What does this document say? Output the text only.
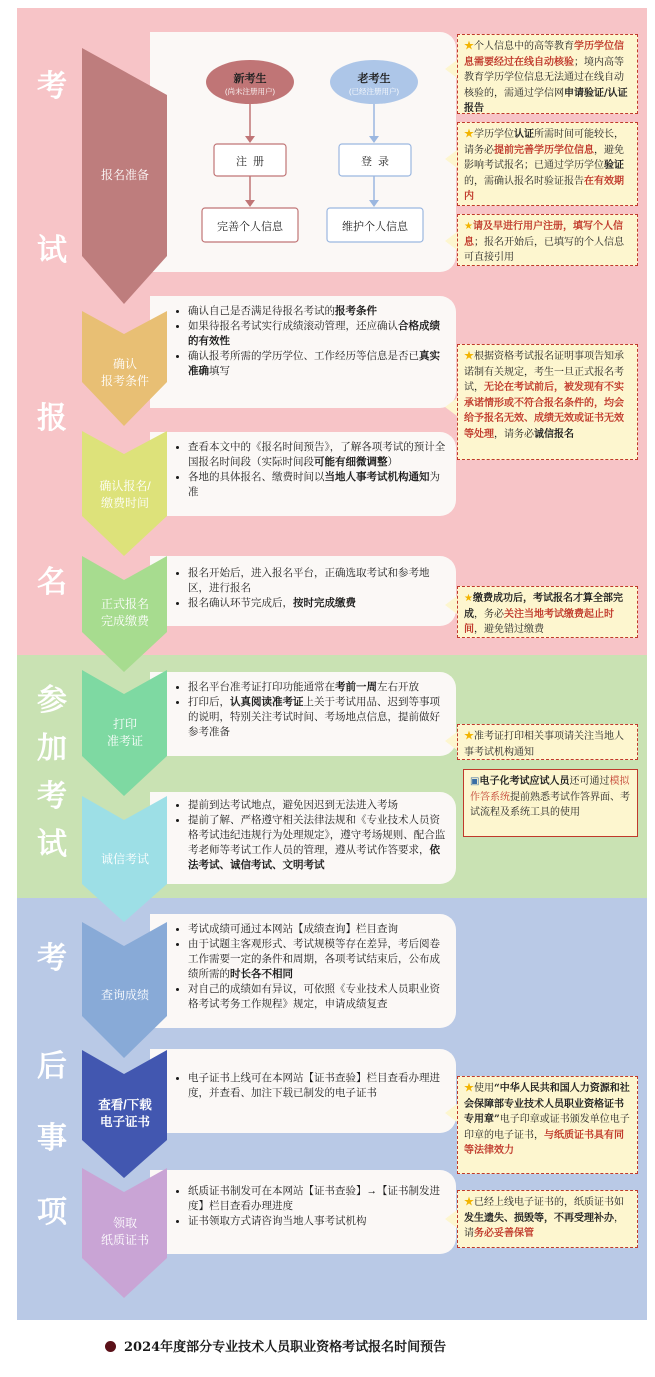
考
试
报
名
参
加
考
试
考
后
事
项
• 确认自己是否满足待报名考试的报考条件
• 如果待报名考试实行成绩滚动管理，还应确认合格成绩的有效性
• 确认报考所需的学历学位、工作经历等信息是否已真实准确填写
• 查看本文中的《报名时间预告》，了解各项考试的预计全国报名时间段（实际时间段可能有细微调整）
• 各地的具体报名、缴费时间以当地人事考试机构通知为准
• 报名开始后，进入报名平台，正确选取考试和参考地区，进行报名
• 报名确认环节完成后，按时完成缴费
• 报名平台准考证打印功能通常在考前一周左右开放
• 打印后，认真阅读准考证上关于考试用品、迟到等事项的说明，特别关注考试时间、考场地点信息，提前做好参考准备
• 提前到达考试地点，避免因迟到无法进入考场
• 提前了解、严格遵守相关法律法规和《专业技术人员资格考试违纪违规行为处理规定》，遵守考场规则、配合监考老师等考试工作人员的管理，遵从考试作答要求，依法考试、诚信考试、文明考试
• 考试成绩可通过本网站【成绩查询】栏目查询
• 由于试题主客观形式、考试规模等存在差异，考后阅卷工作需要一定的条件和周期，各项考试结束后，公布成绩所需的时长各不相同
• 对自己的成绩如有异议，可依照《专业技术人员职业资格考试考务工作规程》规定，申请成绩复查
• 电子证书上线可在本网站【证书查验】栏目查看办理进度，并查看、加注下载已制发的电子证书
• 纸质证书制发可在本网站【证书查验】→【证书制发进度】栏目查看办理进度
• 证书领取方式请咨询当地人事考试机构
新考生
(尚未注册用户)
老考生
(已经注册用户)
注  册	登  录
完善个人信息	维护个人信息
报名准备
确认
报考条件
确认报名/
缴费时间
正式报名
完成缴费
打印
准考证
诚信考试
查询成绩
查看/下载
电子证书
领取
纸质证书
★个人信息中的高等教育学历学位信息需要经过在线自动核验；境内高等教育学历学位信息无法通过在线自动核验的，需通过学信网申请验证/认证报告
★学历学位认证所需时间可能较长，请务必提前完善学历学位信息，避免影响考试报名；已通过学历学位验证的，需确认报名时验证报告在有效期内
★请及早进行用户注册，填写个人信息；报名开始后，已填写的个人信息可直接引用
★根据资格考试报名证明事项告知承诺制有关规定，考生一旦正式报名考试，无论在考试前后，被发现有不实承诺情形或不符合报名条件的，均会给予报名无效、成绩无效或证书无效等处理，请务必诚信报名
★缴费成功后，考试报名才算全部完成，务必关注当地考试缴费起止时间，避免错过缴费
★准考证打印相关事项请关注当地人事考试机构通知
▣电子化考试应试人员还可通过模拟作答系统提前熟悉考试作答界面、考试流程及系统工具的使用
★使用“中华人民共和国人力资源和社会保障部专业技术人员职业资格证书专用章”电子印章或证书颁发单位电子印章的电子证书，与纸质证书具有同等法律效力
★已经上线电子证书的，纸质证书如发生遗失、损毁等，不再受理补办，请务必妥善保管
2024年度部分专业技术人员职业资格考试报名时间预告
